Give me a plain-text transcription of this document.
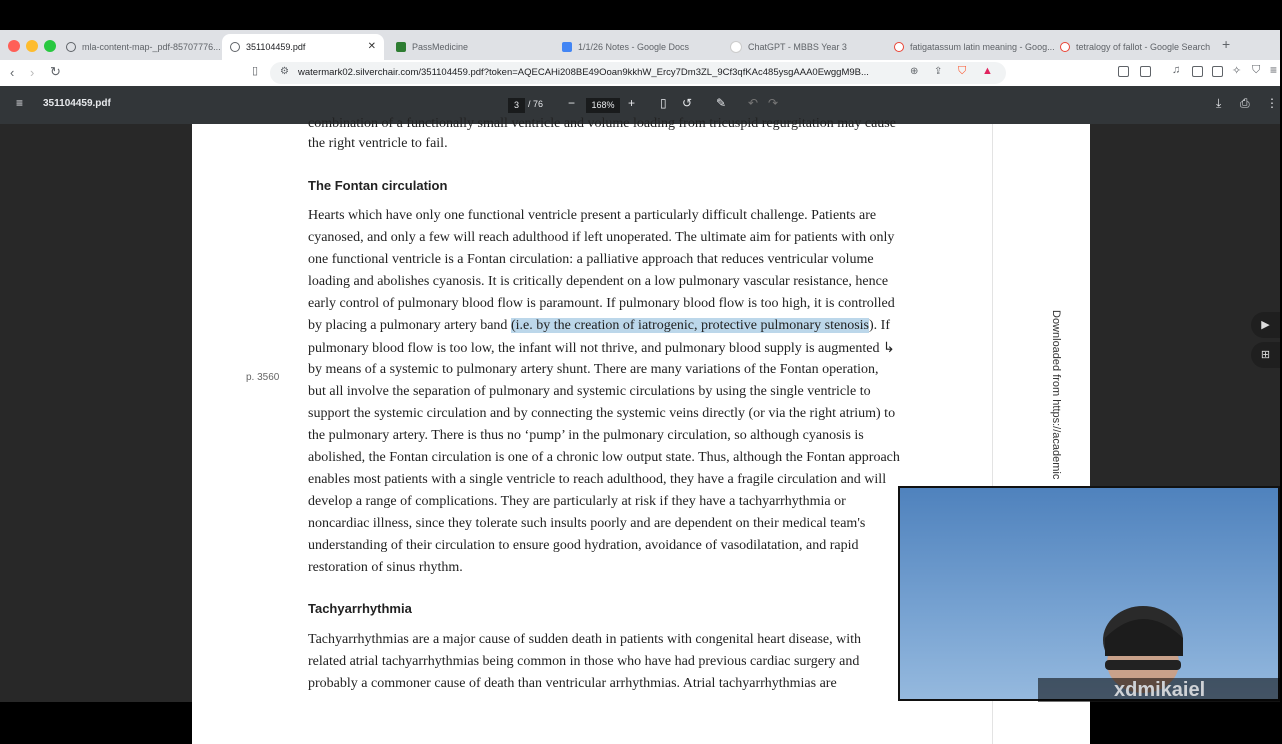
mla-content-map-_pdf-85707776...	351104459.pdf	✕	PassMedicine	1/1/26 Notes - Google Docs	ChatGPT - MBBS Year 3	fatigatassum latin meaning - Goog... tetralogy of fallot - Google Search +
‹ › ↻	▯ ⚙ watermark02.silverchair.com/351104459.pdf?token=AQECAHi208BE49Ooan9kkhW_Ercy7Dm3ZL_9Cf3qfKAc485ysgAAA0EwggM9B...	⊕ ⇪ ⛉ ▲	♫	✧ ⛉ ≡
≡ 351104459.pdf	3	/ 76 −	168%	+ ▯ ↺ ✎ ↶ ↷	⤓ ⎙ ⋮
combination of a functionally small ventricle and volume loading from tricuspid regurgitation may cause
the right ventricle to fail.
The Fontan circulation
Hearts which have only one functional ventricle present a particularly difficult challenge. Patients are
cyanosed, and only a few will reach adulthood if left unoperated. The ultimate aim for patients with only
one functional ventricle is a Fontan circulation: a palliative approach that reduces ventricular volume
loading and abolishes cyanosis. It is critically dependent on a low pulmonary vascular resistance, hence
early control of pulmonary blood flow is paramount. If pulmonary blood flow is too high, it is controlled
by placing a pulmonary artery band (i.e. by the creation of iatrogenic, protective pulmonary stenosis). If
pulmonary blood flow is too low, the infant will not thrive, and pulmonary blood supply is augmented ↳
by means of a systemic to pulmonary artery shunt. There are many variations of the Fontan operation,
but all involve the separation of pulmonary and systemic circulations by using the single ventricle to
support the systemic circulation and by connecting the systemic veins directly (or via the right atrium) to
the pulmonary artery. There is thus no ‘pump’ in the pulmonary circulation, so although cyanosis is
abolished, the Fontan circulation is one of a chronic low output state. Thus, although the Fontan approach
enables most patients with a single ventricle to reach adulthood, they have a fragile circulation and will
develop a range of complications. They are particularly at risk if they have a tachyarrhythmia or
noncardiac illness, since they tolerate such insults poorly and are dependent on their medical team's
understanding of their circulation to ensure good hydration, avoidance of vasodilatation, and rapid
restoration of sinus rhythm.
Tachyarrhythmia
Tachyarrhythmias are a major cause of sudden death in patients with congenital heart disease, with
related atrial tachyarrhythmias being common in those who have had previous cardiac surgery and
probably a commoner cause of death than ventricular arrhythmias. Atrial tachyarrhythmias are
p. 3560	Downloaded from https://academic	▶
⊞
xdmikaiel
